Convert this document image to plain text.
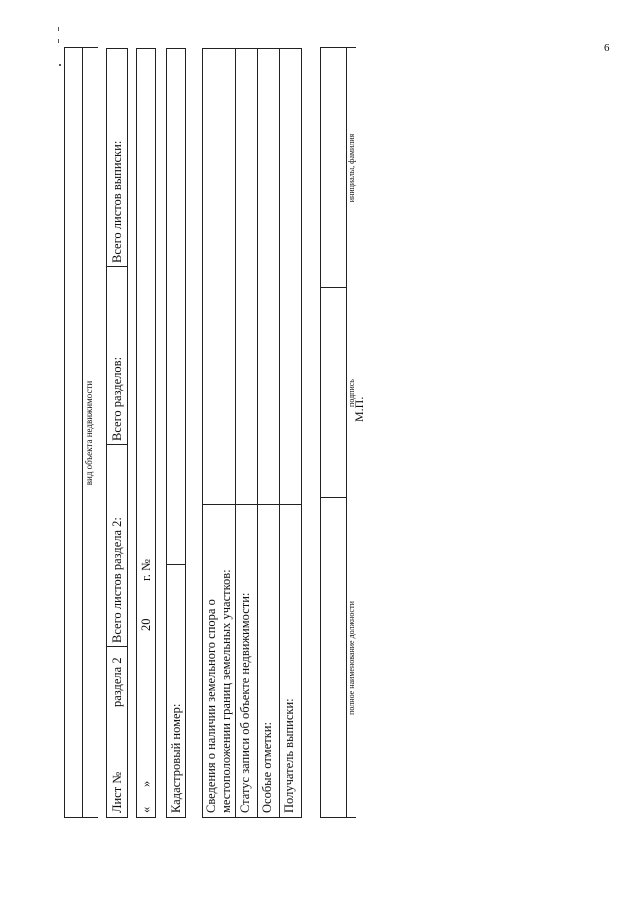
6
вид объекта недвижимости
Лист №
раздела 2
Всего листов раздела 2:
Всего разделов:
Всего листов выписки:
«
»
20
г. №
Кадастровый номер: Сведения о наличии земельного спора о местоположении границ земельных участков: Статус записи об объекте недвижимости: Особые отметки: Получатель выписки:
полное наименование должности
подпись
инициалы, фамилия
М.П.
